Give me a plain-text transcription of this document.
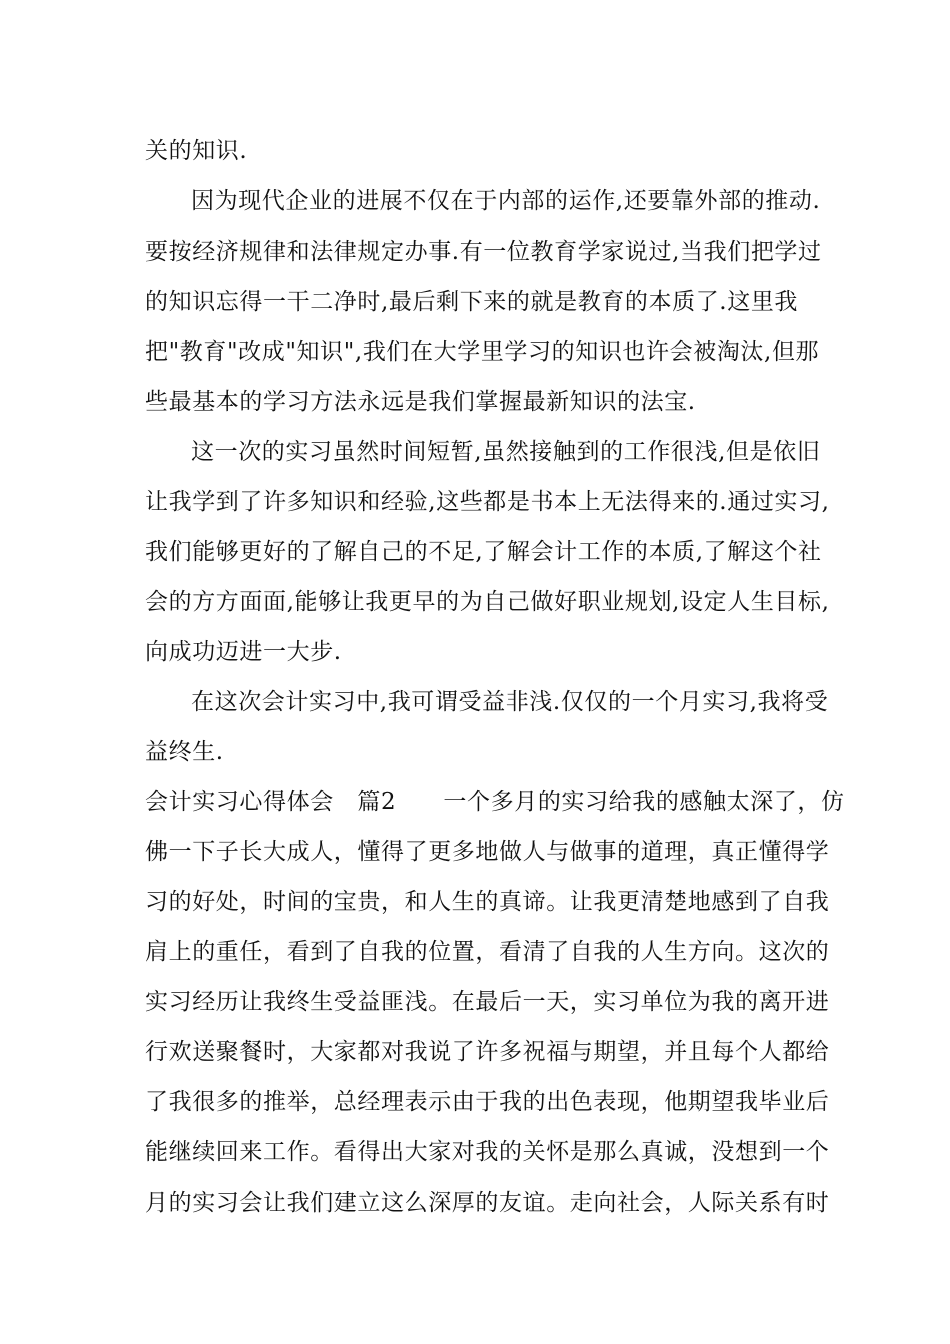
关的知识.
因为现代企业的进展不仅在于内部的运作,还要靠外部的推动.
要按经济规律和法律规定办事.有一位教育学家说过,当我们把学过
的知识忘得一干二净时,最后剩下来的就是教育的本质了.这里我
把"教育"改成"知识",我们在大学里学习的知识也许会被淘汰,但那
些最基本的学习方法永远是我们掌握最新知识的法宝.
这一次的实习虽然时间短暂,虽然接触到的工作很浅,但是依旧
让我学到了许多知识和经验,这些都是书本上无法得来的.通过实习,
我们能够更好的了解自己的不足,了解会计工作的本质,了解这个社
会的方方面面,能够让我更早的为自己做好职业规划,设定人生目标,
向成功迈进一大步.
在这次会计实习中,我可谓受益非浅.仅仅的一个月实习,我将受
益终生.
会计实习心得体会　篇2　　一个多月的实习给我的感触太深了，仿
佛一下子长大成人，懂得了更多地做人与做事的道理，真正懂得学
习的好处，时间的宝贵，和人生的真谛。让我更清楚地感到了自我
肩上的重任，看到了自我的位置，看清了自我的人生方向。这次的
实习经历让我终生受益匪浅。在最后一天，实习单位为我的离开进
行欢送聚餐时，大家都对我说了许多祝福与期望，并且每个人都给
了我很多的推举，总经理表示由于我的出色表现，他期望我毕业后
能继续回来工作。看得出大家对我的关怀是那么真诚，没想到一个
月的实习会让我们建立这么深厚的友谊。走向社会，人际关系有时
